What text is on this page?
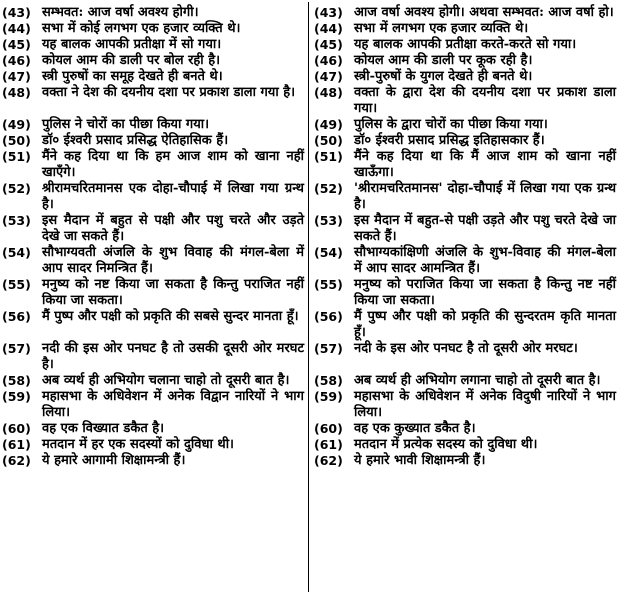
(43) सम्भवत: आज वर्षा अवश्य होगी।
(44) सभा में कोई लगभग एक हजार व्यक्ति थे।
(45) यह बालक आपकी प्रतीक्षा में सो गया।
(46) कोयल आम की डाली पर बोल रही है।
(47) स्त्री पुरुषों का समूह देखते ही बनते थे।
(48) वक्ता ने देश की दयनीय दशा पर प्रकाश डाला गया है।
(49) पुलिस ने चोरों का पीछा किया गया।
(50) डॉ० ईश्वरी प्रसाद प्रसिद्ध ऐतिहासिक हैं।
(51) मैंने कह दिया था कि हम आज शाम को खाना नहीं खाएँगे।
(52) श्रीरामचरितमानस एक दोहा-चौपाई में लिखा गया ग्रन्थ है।
(53) इस मैदान में बहुत से पक्षी और पशु चरते और उड़ते देखे जा सकते हैं।
(54) सौभाग्यवती अंजलि के शुभ विवाह की मंगल-बेला में आप सादर निमन्त्रित हैं।
(55) मनुष्य को नष्ट किया जा सकता है किन्तु पराजित नहीं किया जा सकता।
(56) मैं पुष्प और पक्षी को प्रकृति की सबसे सुन्दर मानता हूँ।
(57) नदी की इस ओर पनघट है तो उसकी दूसरी ओर मरघट है।
(58) अब व्यर्थ ही अभियोग चलाना चाहो तो दूसरी बात है।
(59) महासभा के अधिवेशन में अनेक विद्वान नारियों ने भाग लिया।
(60) वह एक विख्यात डकैत है।
(61) मतदान में हर एक सदस्यों को दुविधा थी।
(62) ये हमारे आगामी शिक्षामन्त्री हैं।
(43) आज वर्षा अवश्य होगी। अथवा सम्भवत: आज वर्षा हो।
(44) सभा में लगभग एक हजार व्यक्ति थे।
(45) यह बालक आपकी प्रतीक्षा करते-करते सो गया।
(46) कोयल आम की डाली पर कूक रही है।
(47) स्त्री-पुरुषों के युगल देखते ही बनते थे।
(48) वक्ता के द्वारा देश की दयनीय दशा पर प्रकाश डाला गया।
(49) पुलिस के द्वारा चोरों का पीछा किया गया।
(50) डॉ० ईश्वरी प्रसाद प्रसिद्ध इतिहासकार हैं।
(51) मैंने कह दिया था कि मैं आज शाम को खाना नहीं खाऊँगा।
(52) 'श्रीरामचरितमानस' दोहा-चौपाई में लिखा गया एक ग्रन्थ है।
(53) इस मैदान में बहुत-से पक्षी उड़ते और पशु चरते देखे जा सकते हैं।
(54) सौभाग्यकांक्षिणी अंजलि के शुभ-विवाह की मंगल-बेला में आप सादर आमन्त्रित हैं।
(55) मनुष्य को पराजित किया जा सकता है किन्तु नष्ट नहीं किया जा सकता।
(56) मैं पुष्प और पक्षी को प्रकृति की सुन्दरतम कृति मानता हूँ।
(57) नदी के इस ओर पनघट है तो दूसरी ओर मरघट।
(58) अब व्यर्थ ही अभियोग लगाना चाहो तो दूसरी बात है।
(59) महासभा के अधिवेशन में अनेक विदुषी नारियों ने भाग लिया।
(60) वह एक कुख्यात डकैत है।
(61) मतदान में प्रत्येक सदस्य को दुविधा थी।
(62) ये हमारे भावी शिक्षामन्त्री हैं।
